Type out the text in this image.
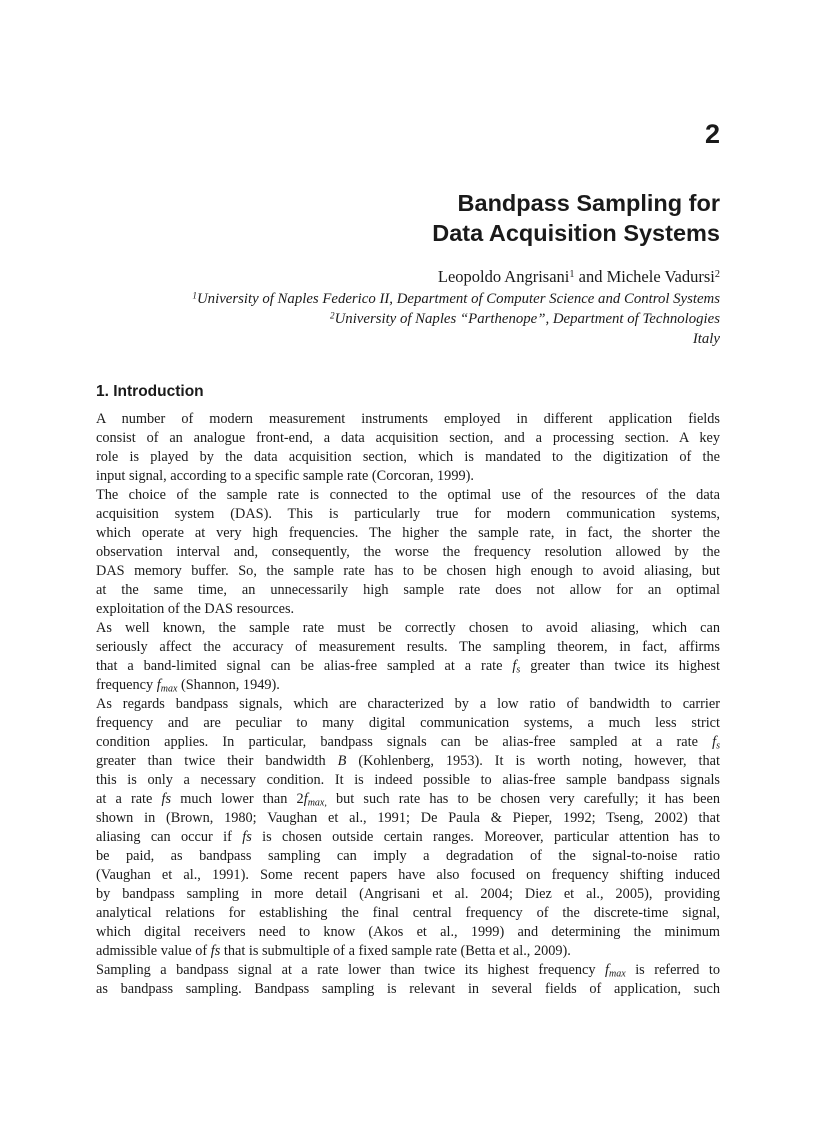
2
Bandpass Sampling for
Data Acquisition Systems
Leopoldo Angrisani$^1$ and Michele Vadursi$^2$
$^1$University of Naples Federico II, Department of Computer Science and Control Systems
$^2$University of Naples “Parthenope”, Department of Technologies
Italy
1. Introduction
A number of modern measurement instruments employed in different application fields
consist of an analogue front-end, a data acquisition section, and a processing section. A key
role is played by the data acquisition section, which is mandated to the digitization of the
input signal, according to a specific sample rate (Corcoran, 1999).
The choice of the sample rate is connected to the optimal use of the resources of the data
acquisition system (DAS). This is particularly true for modern communication systems,
which operate at very high frequencies. The higher the sample rate, in fact, the shorter the
observation interval and, consequently, the worse the frequency resolution allowed by the
DAS memory buffer. So, the sample rate has to be chosen high enough to avoid aliasing, but
at the same time, an unnecessarily high sample rate does not allow for an optimal
exploitation of the DAS resources.
As well known, the sample rate must be correctly chosen to avoid aliasing, which can
seriously affect the accuracy of measurement results. The sampling theorem, in fact, affirms
that a band-limited signal can be alias-free sampled at a rate $f_s$ greater than twice its highest
frequency $f_{max}$ (Shannon, 1949).
As regards bandpass signals, which are characterized by a low ratio of bandwidth to carrier
frequency and are peculiar to many digital communication systems, a much less strict
condition applies. In particular, bandpass signals can be alias-free sampled at a rate $f_s$
greater than twice their bandwidth B (Kohlenberg, 1953). It is worth noting, however, that
this is only a necessary condition. It is indeed possible to alias-free sample bandpass signals
at a rate fs much lower than $2f_{max,}$ but such rate has to be chosen very carefully; it has been
shown in (Brown, 1980; Vaughan et al., 1991; De Paula & Pieper, 1992; Tseng, 2002) that
aliasing can occur if fs is chosen outside certain ranges. Moreover, particular attention has to
be paid, as bandpass sampling can imply a degradation of the signal-to-noise ratio
(Vaughan et al., 1991). Some recent papers have also focused on frequency shifting induced
by bandpass sampling in more detail (Angrisani et al. 2004; Diez et al., 2005), providing
analytical relations for establishing the final central frequency of the discrete-time signal,
which digital receivers need to know (Akos et al., 1999) and determining the minimum
admissible value of fs that is submultiple of a fixed sample rate (Betta et al., 2009).
Sampling a bandpass signal at a rate lower than twice its highest frequency $f_{max}$ is referred to
as bandpass sampling. Bandpass sampling is relevant in several fields of application, such
